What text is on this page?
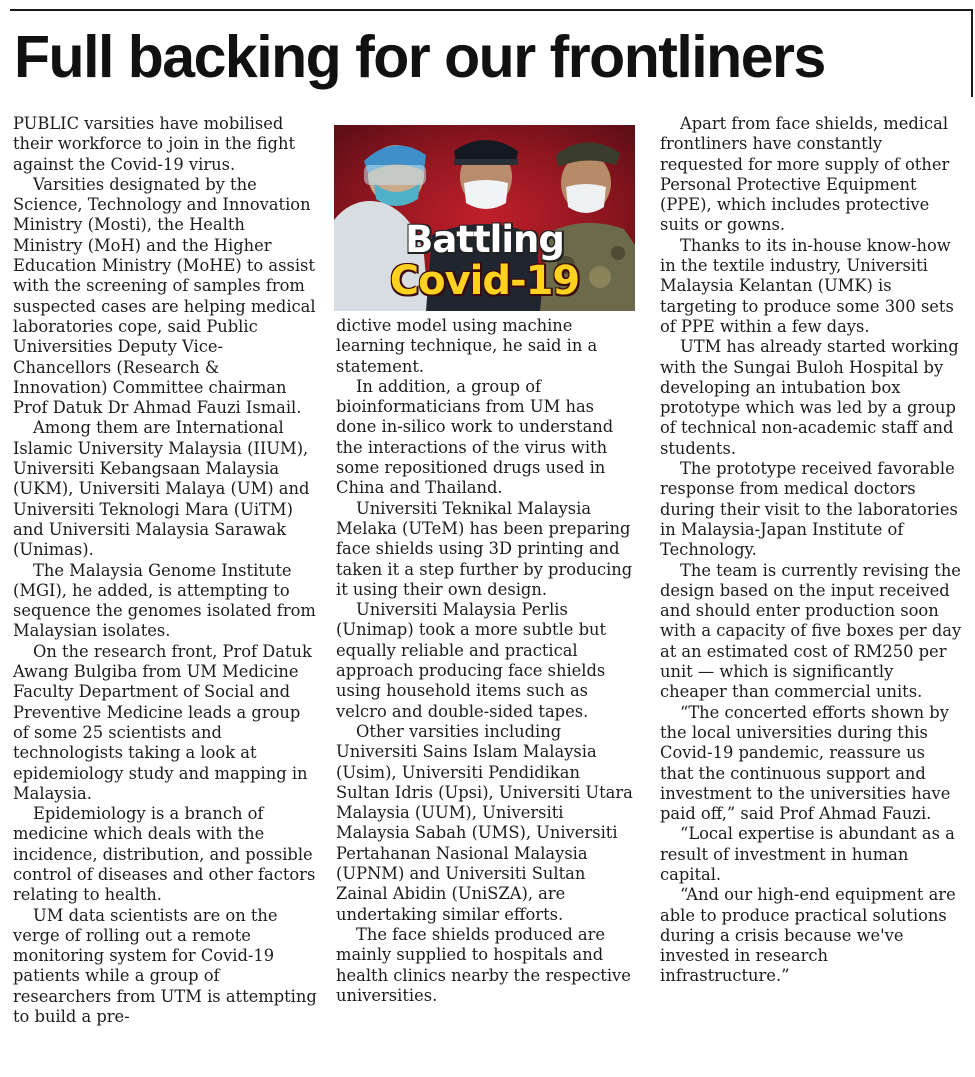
Full backing for our frontliners

PUBLIC varsities have mobilised their workforce to join in the fight against the Covid-19 virus.

Varsities designated by the Science, Technology and Innovation Ministry (Mosti), the Health Ministry (MoH) and the Higher Education Ministry (MoHE) to assist with the screening of samples from suspected cases are helping medical laboratories cope, said Public Universities Deputy Vice-Chancellors (Research & Innovation) Committee chairman Prof Datuk Dr Ahmad Fauzi Ismail.

Among them are International Islamic University Malaysia (IIUM), Universiti Kebangsaan Malaysia (UKM), Universiti Malaya (UM) and Universiti Teknologi Mara (UiTM) and Universiti Malaysia Sarawak (Unimas).

The Malaysia Genome Institute (MGI), he added, is attempting to sequence the genomes isolated from Malaysian isolates.

On the research front, Prof Datuk Awang Bulgiba from UM Medicine Faculty Department of Social and Preventive Medicine leads a group of some 25 scientists and technologists taking a look at epidemiology study and mapping in Malaysia.

Epidemiology is a branch of medicine which deals with the incidence, distribution, and possible control of diseases and other factors relating to health.

UM data scientists are on the verge of rolling out a remote monitoring system for Covid-19 patients while a group of researchers from UTM is attempting to build a pre-

Battling
Covid-19

dictive model using machine learning technique, he said in a statement.

In addition, a group of bioinformaticians from UM has done in-silico work to understand the interactions of the virus with some repositioned drugs used in China and Thailand.

Universiti Teknikal Malaysia Melaka (UTeM) has been preparing face shields using 3D printing and taken it a step further by producing it using their own design.

Universiti Malaysia Perlis (Unimap) took a more subtle but equally reliable and practical approach producing face shields using household items such as velcro and double-sided tapes.

Other varsities including Universiti Sains Islam Malaysia (Usim), Universiti Pendidikan Sultan Idris (Upsi), Universiti Utara Malaysia (UUM), Universiti Malaysia Sabah (UMS), Universiti Pertahanan Nasional Malaysia (UPNM) and Universiti Sultan Zainal Abidin (UniSZA), are undertaking similar efforts.

The face shields produced are mainly supplied to hospitals and health clinics nearby the respective universities.

Apart from face shields, medical frontliners have constantly requested for more supply of other Personal Protective Equipment (PPE), which includes protective suits or gowns.

Thanks to its in-house know-how in the textile industry, Universiti Malaysia Kelantan (UMK) is targeting to produce some 300 sets of PPE within a few days.

UTM has already started working with the Sungai Buloh Hospital by developing an intubation box prototype which was led by a group of technical non-academic staff and students.

The prototype received favorable response from medical doctors during their visit to the laboratories in Malaysia-Japan Institute of Technology.

The team is currently revising the design based on the input received and should enter production soon with a capacity of five boxes per day at an estimated cost of RM250 per unit — which is significantly cheaper than commercial units.

“The concerted efforts shown by the local universities during this Covid-19 pandemic, reassure us that the continuous support and investment to the universities have paid off,” said Prof Ahmad Fauzi.

“Local expertise is abundant as a result of investment in human capital.

“And our high-end equipment are able to produce practical solutions during a crisis because we've invested in research infrastructure.”
